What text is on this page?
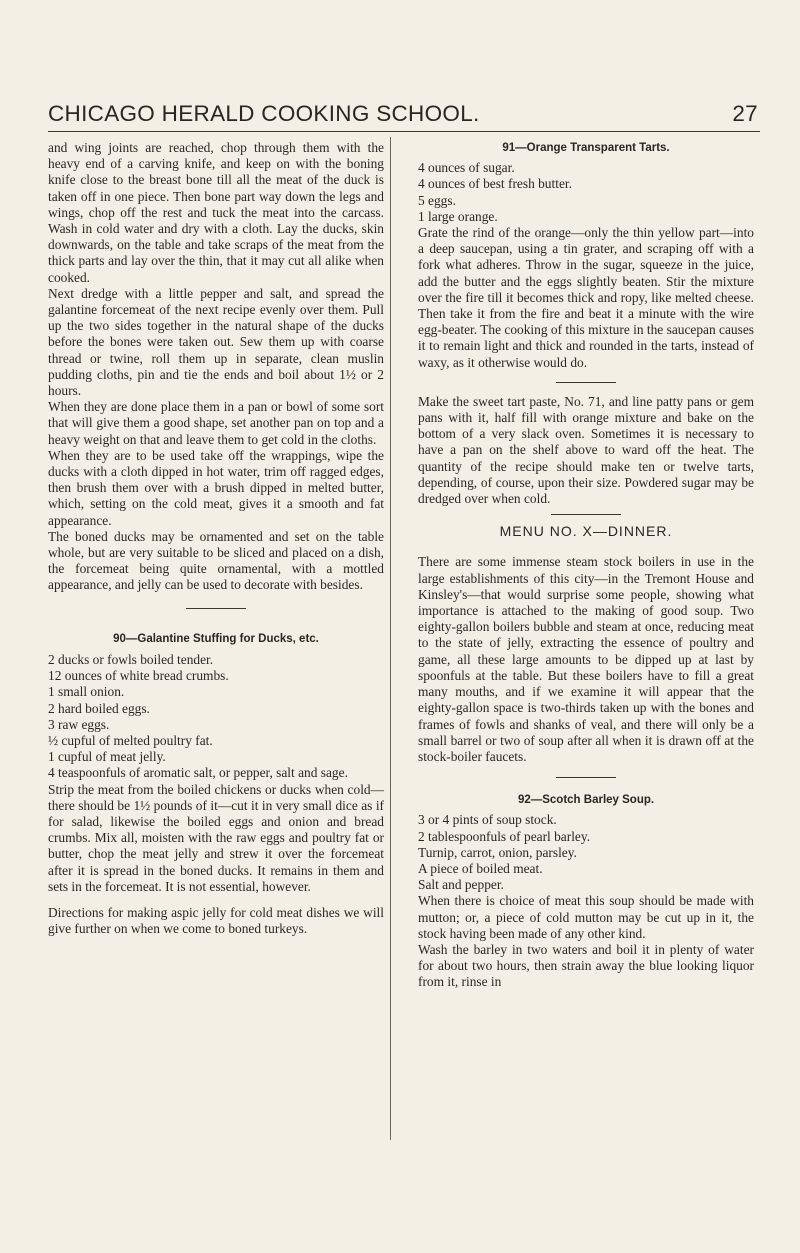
CHICAGO HERALD COOKING SCHOOL.	27

and wing joints are reached, chop through them with the heavy end of a carving knife, and keep on with the boning knife close to the breast bone till all the meat of the duck is taken off in one piece. Then bone part way down the legs and wings, chop off the rest and tuck the meat into the carcass. Wash in cold water and dry with a cloth. Lay the ducks, skin downwards, on the table and take scraps of the meat from the thick parts and lay over the thin, that it may cut all alike when cooked.

Next dredge with a little pepper and salt, and spread the galantine forcemeat of the next recipe evenly over them. Pull up the two sides together in the natural shape of the ducks before the bones were taken out. Sew them up with coarse thread or twine, roll them up in separate, clean muslin pudding cloths, pin and tie the ends and boil about 1½ or 2 hours.

When they are done place them in a pan or bowl of some sort that will give them a good shape, set another pan on top and a heavy weight on that and leave them to get cold in the cloths.

When they are to be used take off the wrappings, wipe the ducks with a cloth dipped in hot water, trim off ragged edges, then brush them over with a brush dipped in melted butter, which, setting on the cold meat, gives it a smooth and fat appearance.

The boned ducks may be ornamented and set on the table whole, but are very suitable to be sliced and placed on a dish, the forcemeat being quite ornamental, with a mottled appearance, and jelly can be used to decorate with besides.

90—Galantine Stuffing for Ducks, etc.

2 ducks or fowls boiled tender.

12 ounces of white bread crumbs.

1 small onion.

2 hard boiled eggs.

3 raw eggs.

½ cupful of melted poultry fat.

1 cupful of meat jelly.

4 teaspoonfuls of aromatic salt, or pepper, salt and sage.

Strip the meat from the boiled chickens or ducks when cold—there should be 1½ pounds of it—cut it in very small dice as if for salad, likewise the boiled eggs and onion and bread crumbs. Mix all, moisten with the raw eggs and poultry fat or butter, chop the meat jelly and strew it over the forcemeat after it is spread in the boned ducks. It remains in them and sets in the forcemeat. It is not essential, however.

Directions for making aspic jelly for cold meat dishes we will give further on when we come to boned turkeys.

91—Orange Transparent Tarts.

4 ounces of sugar.

4 ounces of best fresh butter.

5 eggs.

1 large orange.

Grate the rind of the orange—only the thin yellow part—into a deep saucepan, using a tin grater, and scraping off with a fork what adheres. Throw in the sugar, squeeze in the juice, add the butter and the eggs slightly beaten. Stir the mixture over the fire till it becomes thick and ropy, like melted cheese. Then take it from the fire and beat it a minute with the wire egg-beater. The cooking of this mixture in the saucepan causes it to remain light and thick and rounded in the tarts, instead of waxy, as it otherwise would do.

Make the sweet tart paste, No. 71, and line patty pans or gem pans with it, half fill with orange mixture and bake on the bottom of a very slack oven. Sometimes it is necessary to have a pan on the shelf above to ward off the heat. The quantity of the recipe should make ten or twelve tarts, depending, of course, upon their size. Powdered sugar may be dredged over when cold.

MENU NO. X—DINNER.

There are some immense steam stock boilers in use in the large establishments of this city—in the Tremont House and Kinsley's—that would surprise some people, showing what importance is attached to the making of good soup. Two eighty-gallon boilers bubble and steam at once, reducing meat to the state of jelly, extracting the essence of poultry and game, all these large amounts to be dipped up at last by spoonfuls at the table. But these boilers have to fill a great many mouths, and if we examine it will appear that the eighty-gallon space is two-thirds taken up with the bones and frames of fowls and shanks of veal, and there will only be a small barrel or two of soup after all when it is drawn off at the stock-boiler faucets.

92—Scotch Barley Soup.

3 or 4 pints of soup stock.

2 tablespoonfuls of pearl barley.

Turnip, carrot, onion, parsley.

A piece of boiled meat.

Salt and pepper.

When there is choice of meat this soup should be made with mutton; or, a piece of cold mutton may be cut up in it, the stock having been made of any other kind.

Wash the barley in two waters and boil it in plenty of water for about two hours, then strain away the blue looking liquor from it, rinse in
